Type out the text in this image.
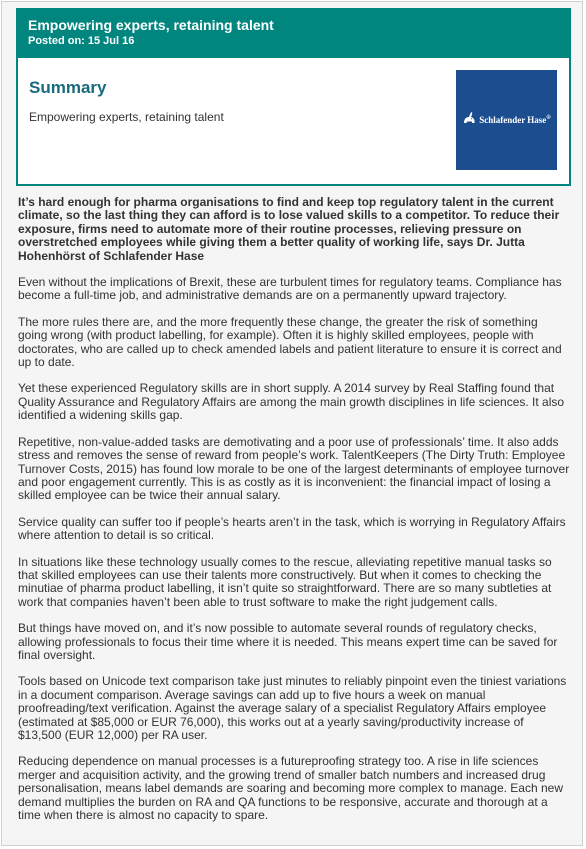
Empowering experts, retaining talent
Posted on: 15 Jul 16
Summary
Empowering experts, retaining talent	Schlafender Hase®

It’s hard enough for pharma organisations to find and keep top regulatory talent in the current climate, so the last thing they can afford is to lose valued skills to a competitor. To reduce their exposure, firms need to automate more of their routine processes, relieving pressure on overstretched employees while giving them a better quality of working life, says Dr. Jutta Hohenhörst of Schlafender Hase

Even without the implications of Brexit, these are turbulent times for regulatory teams. Compliance has become a full-time job, and administrative demands are on a permanently upward trajectory.

The more rules there are, and the more frequently these change, the greater the risk of something going wrong (with product labelling, for example). Often it is highly skilled employees, people with doctorates, who are called up to check amended labels and patient literature to ensure it is correct and up to date.

Yet these experienced Regulatory skills are in short supply. A 2014 survey by Real Staffing found that Quality Assurance and Regulatory Affairs are among the main growth disciplines in life sciences. It also identified a widening skills gap.

Repetitive, non-value-added tasks are demotivating and a poor use of professionals’ time. It also adds stress and removes the sense of reward from people’s work. TalentKeepers (The Dirty Truth: Employee Turnover Costs, 2015) has found low morale to be one of the largest determinants of employee turnover and poor engagement currently. This is as costly as it is inconvenient: the financial impact of losing a skilled employee can be twice their annual salary.

Service quality can suffer too if people’s hearts aren’t in the task, which is worrying in Regulatory Affairs where attention to detail is so critical.

In situations like these technology usually comes to the rescue, alleviating repetitive manual tasks so that skilled employees can use their talents more constructively. But when it comes to checking the minutiae of pharma product labelling, it isn’t quite so straightforward. There are so many subtleties at work that companies haven’t been able to trust software to make the right judgement calls.

But things have moved on, and it’s now possible to automate several rounds of regulatory checks, allowing professionals to focus their time where it is needed. This means expert time can be saved for final oversight.

Tools based on Unicode text comparison take just minutes to reliably pinpoint even the tiniest variations in a document comparison. Average savings can add up to five hours a week on manual proofreading/text verification. Against the average salary of a specialist Regulatory Affairs employee (estimated at $85,000 or EUR 76,000), this works out at a yearly saving/productivity increase of $13,500 (EUR 12,000) per RA user.

Reducing dependence on manual processes is a futureproofing strategy too. A rise in life sciences merger and acquisition activity, and the growing trend of smaller batch numbers and increased drug personalisation, means label demands are soaring and becoming more complex to manage. Each new demand multiplies the burden on RA and QA functions to be responsive, accurate and thorough at a time when there is almost no capacity to spare.
